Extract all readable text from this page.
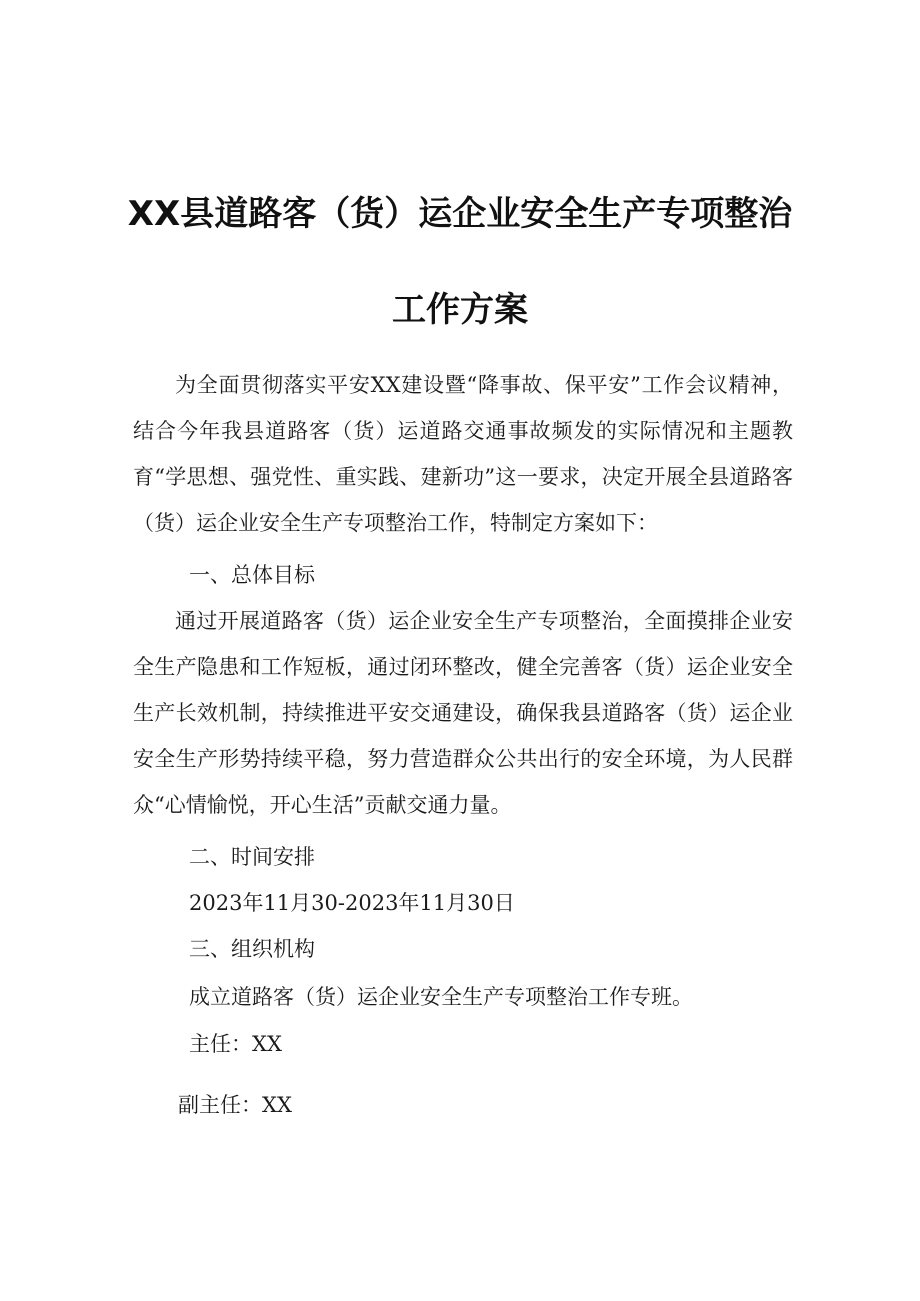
XX县道路客（货）运企业安全生产专项整治
工作方案

为全面贯彻落实平安XX建设暨“降事故、保平安”工作会议精神，结合今年我县道路客（货）运道路交通事故频发的实际情况和主题教育“学思想、强党性、重实践、建新功”这一要求，决定开展全县道路客（货）运企业安全生产专项整治工作，特制定方案如下：

一、总体目标

通过开展道路客（货）运企业安全生产专项整治，全面摸排企业安全生产隐患和工作短板，通过闭环整改，健全完善客（货）运企业安全生产长效机制，持续推进平安交通建设，确保我县道路客（货）运企业安全生产形势持续平稳，努力营造群众公共出行的安全环境，为人民群众“心情愉悦，开心生活”贡献交通力量。

二、时间安排

2023年11月30-2023年11月30日

三、组织机构

成立道路客（货）运企业安全生产专项整治工作专班。

主任：XX

副主任：XX
